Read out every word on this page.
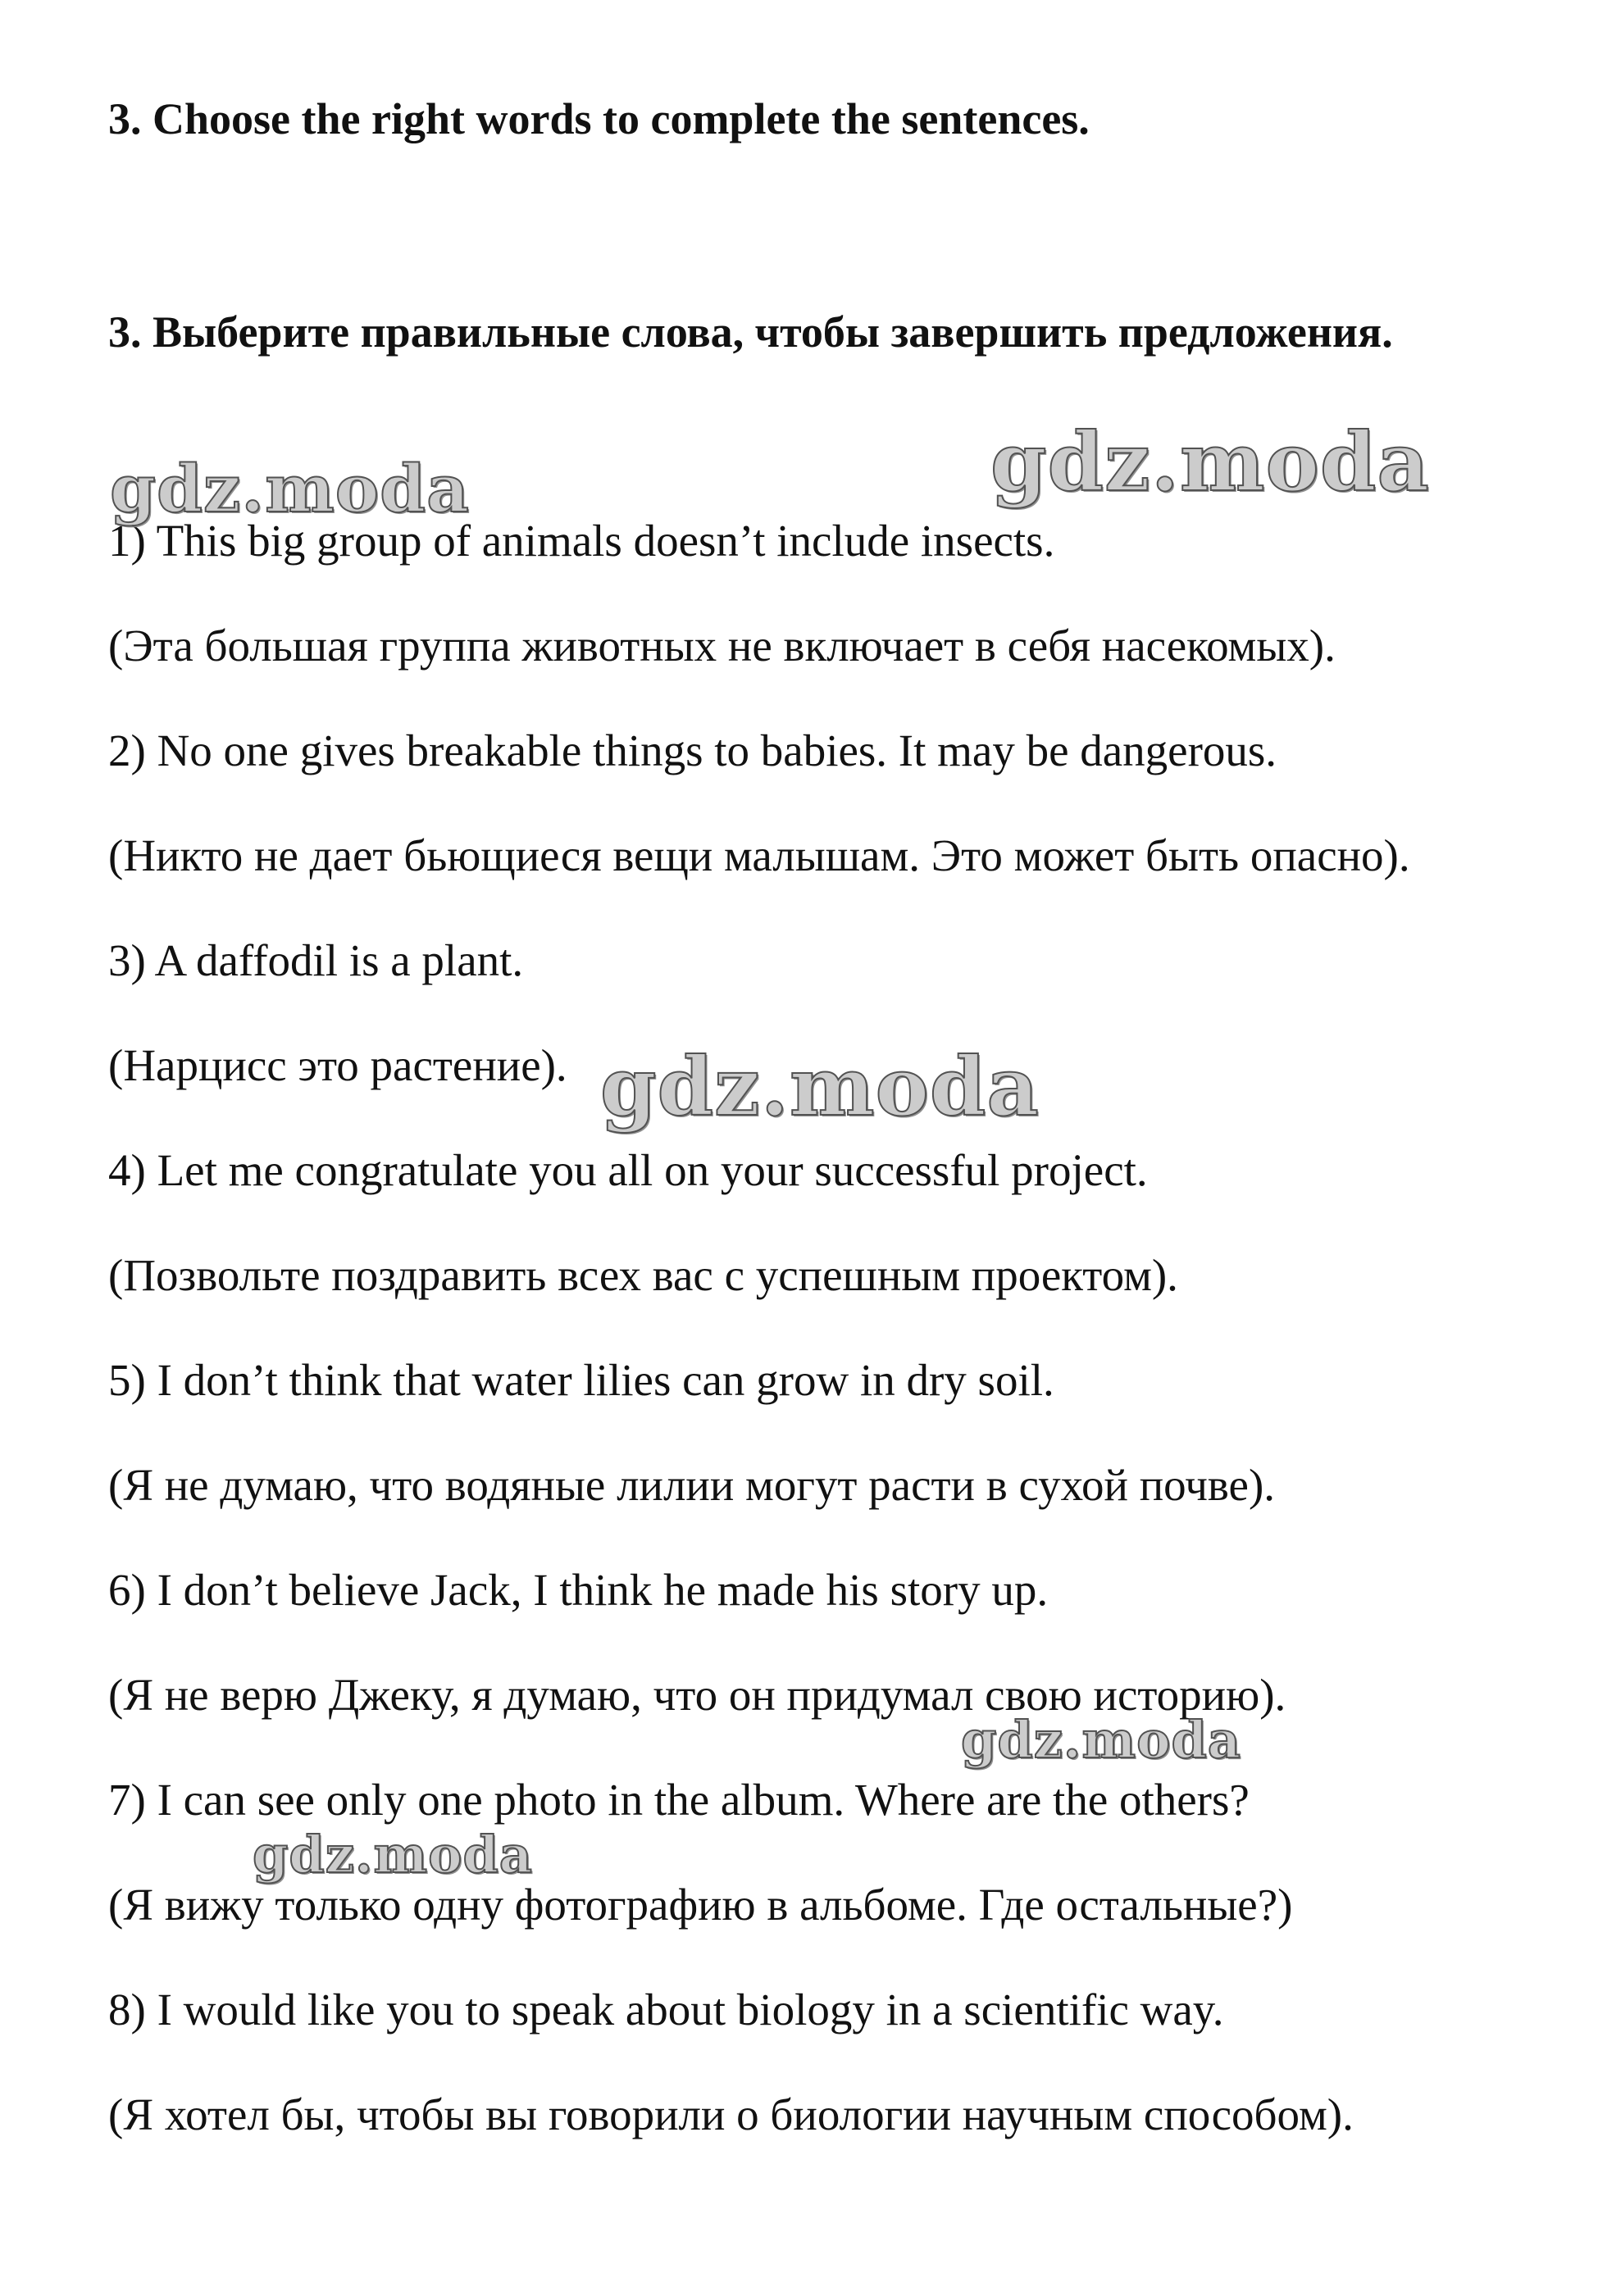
3. Choose the right words to complete the sentences.
3. Выберите правильные слова, чтобы завершить предложения.
1) This big group of animals doesn’t include insects.
(Эта большая группа животных не включает в себя насекомых).
2) No one gives breakable things to babies. It may be dangerous.
(Никто не дает бьющиеся вещи малышам. Это может быть опасно).
3) A daffodil is a plant.
(Нарцисс это растение).
4) Let me congratulate you all on your successful project.
(Позвольте поздравить всех вас с успешным проектом).
5) I don’t think that water lilies can grow in dry soil.
(Я не думаю, что водяные лилии могут расти в сухой почве).
6) I don’t believe Jack, I think he made his story up.
(Я не верю Джеку, я думаю, что он придумал свою историю).
7) I can see only one photo in the album. Where are the others?
(Я вижу только одну фотографию в альбоме. Где остальные?)
8) I would like you to speak about biology in a scientific way.
(Я хотел бы, чтобы вы говорили о биологии научным способом).
gdz.moda	gdz.moda
gdz.moda
gdz.moda
gdz.moda
